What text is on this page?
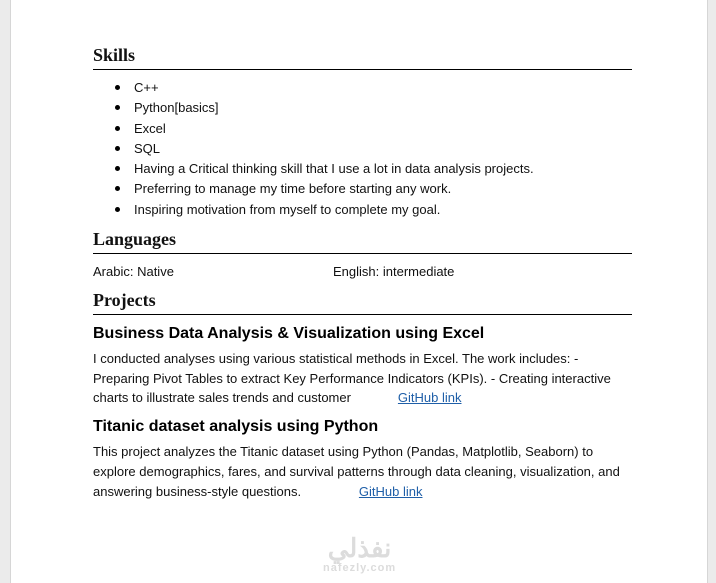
Skills
C++
Python[basics]
Excel
SQL
Having a Critical thinking skill that I use a lot in data analysis projects.
Preferring to manage my time before starting any work.
Inspiring motivation from myself to complete my goal.
Languages
Arabic: Native	English: intermediate
Projects
Business Data Analysis & Visualization using Excel
I conducted analyses using various statistical methods in Excel. The work includes: - Preparing Pivot Tables to extract Key Performance Indicators (KPIs). - Creating interactive charts to illustrate sales trends and customer	GitHub link
Titanic dataset analysis using Python
This project analyzes the Titanic dataset using Python (Pandas, Matplotlib, Seaborn) to explore demographics, fares, and survival patterns through data cleaning, visualization, and answering business-style questions.	GitHub link
نفذلي
nafezly.com
